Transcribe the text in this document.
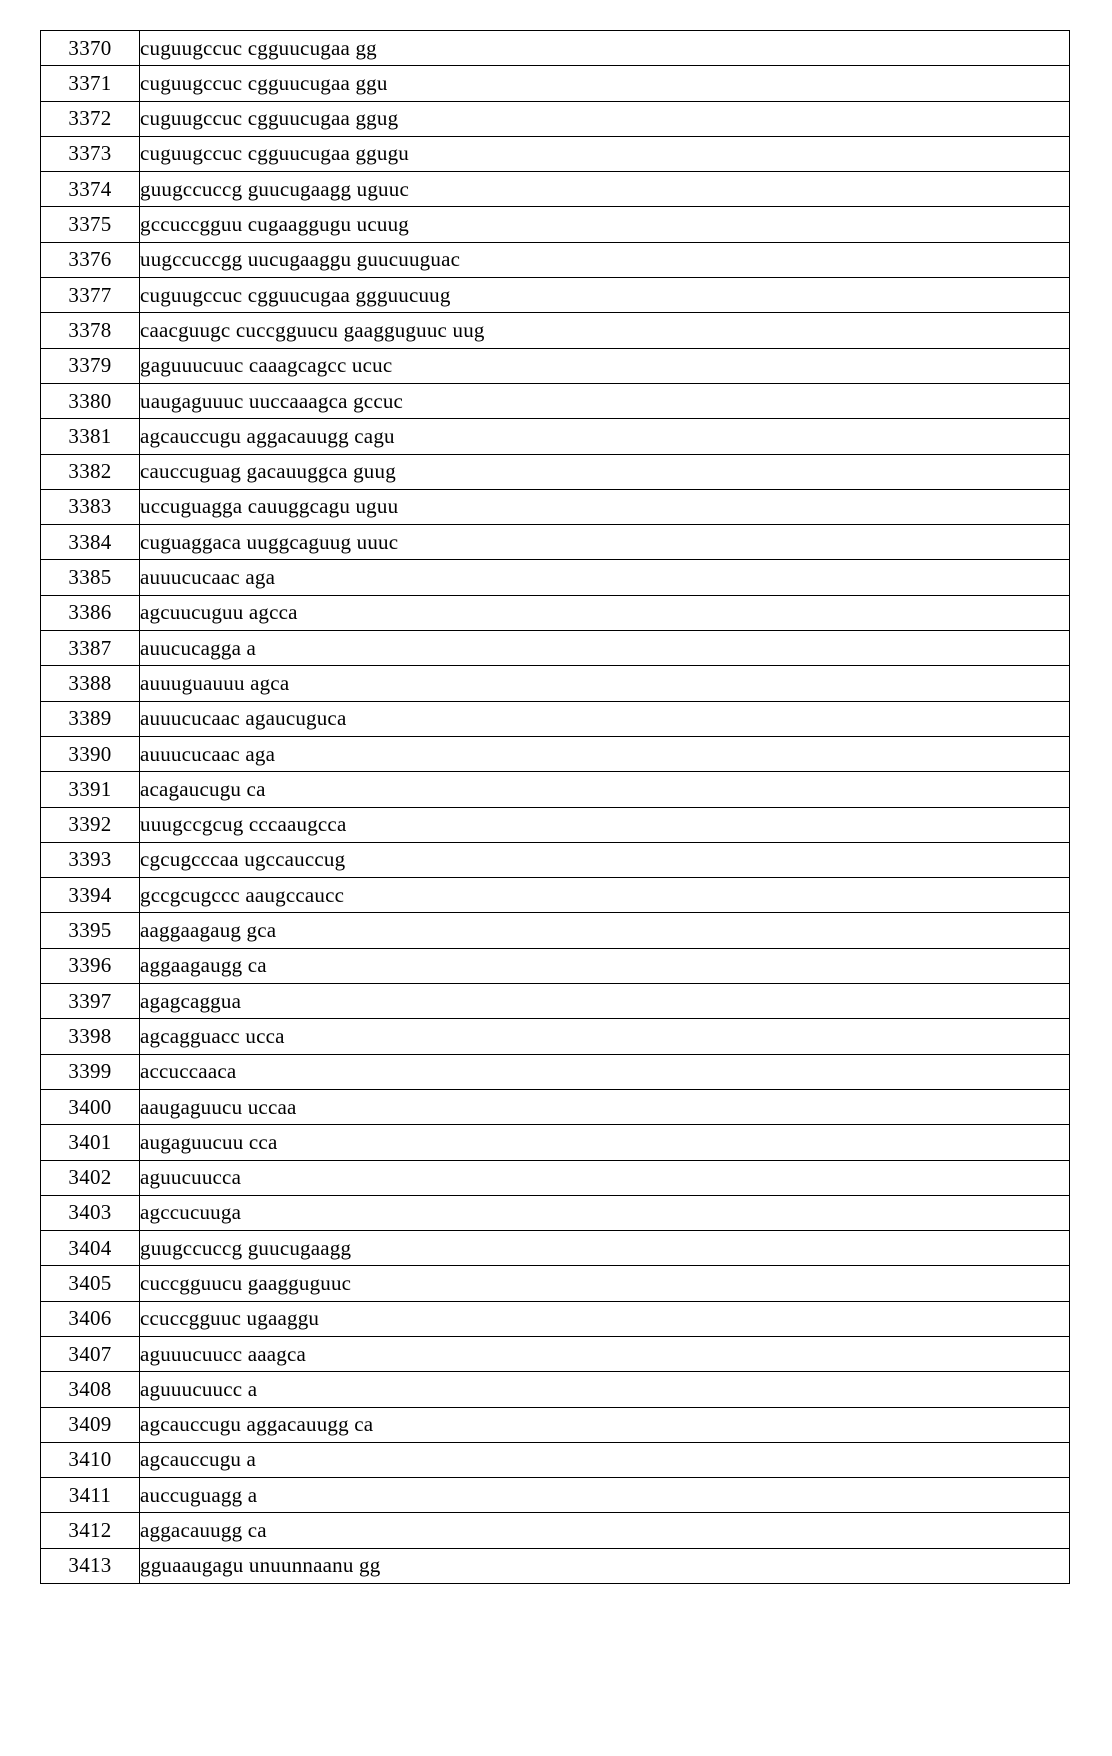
3370	cuguugccuc cgguucugaa gg
3371	cuguugccuc cgguucugaa ggu
3372	cuguugccuc cgguucugaa ggug
3373	cuguugccuc cgguucugaa ggugu
3374	guugccuccg guucugaagg uguuc
3375	gccuccgguu cugaaggugu ucuug
3376	uugccuccgg uucugaaggu guucuuguac
3377	cuguugccuc cgguucugaa ggguucuug
3378	caacguugc cuccgguucu gaagguguuc uug
3379	gaguuucuuc caaagcagcc ucuc
3380	uaugaguuuc uuccaaagca gccuc
3381	agcauccugu aggacauugg cagu
3382	cauccuguag gacauuggca guug
3383	uccuguagga cauuggcagu uguu
3384	cuguaggaca uuggcaguug uuuc
3385	auuucucaac aga
3386	agcuucuguu agcca
3387	auucucagga a
3388	auuuguauuu agca
3389	auuucucaac agaucuguca
3390	auuucucaac aga
3391	acagaucugu ca
3392	uuugccgcug cccaaugcca
3393	cgcugcccaa ugccauccug
3394	gccgcugccc aaugccaucc
3395	aaggaagaug gca
3396	aggaagaugg ca
3397	agagcaggua
3398	agcagguacc ucca
3399	accuccaaca
3400	aaugaguucu uccaa
3401	augaguucuu cca
3402	aguucuucca
3403	agccucuuga
3404	guugccuccg guucugaagg
3405	cuccgguucu gaagguguuc
3406	ccuccgguuc ugaaggu
3407	aguuucuucc aaagca
3408	aguuucuucc a
3409	agcauccugu aggacauugg ca
3410	agcauccugu a
3411	auccuguagg a
3412	aggacauugg ca
3413	gguaaugagu unuunnaanu gg
